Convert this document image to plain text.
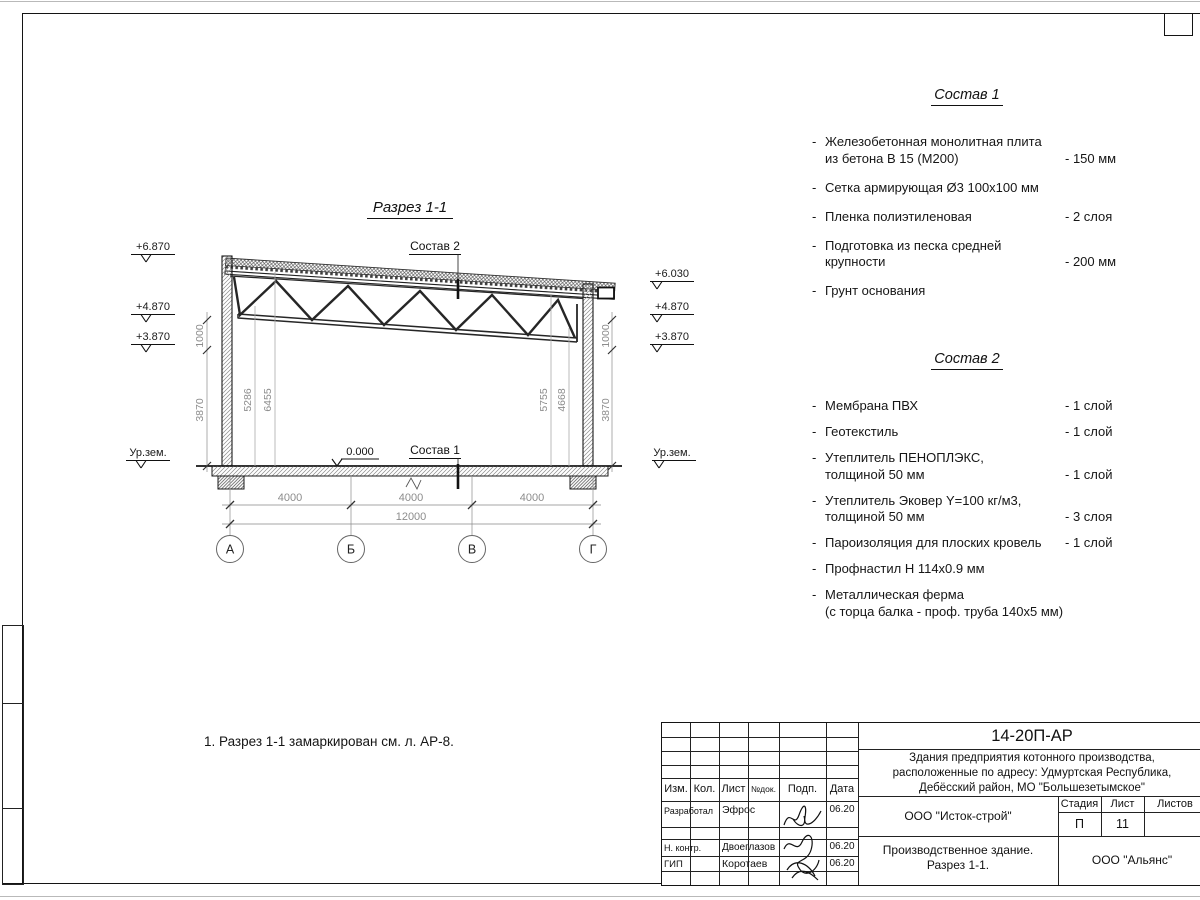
Разрез 1-1
Состав 2
Состав 1
0.000
+6.870
+4.870
+3.870
Ур.зем.
+6.030
+4.870
+3.870
Ур.зем.
1000
3870
1000
3870
5286 6455	5755 4668
4000	4000	4000
12000
А	Б	В	Г
Состав 1
- Железобетонная монолитная плита
из бетона В 15 (М200)	- 150 мм
- Сетка армирующая Ø3 100х100 мм
- Пленка полиэтиленовая	- 2 слоя
- Подготовка из песка средней
крупности	- 200 мм
- Грунт основания
Состав 2
- Мембрана ПВХ	- 1 слой
- Геотекстиль	- 1 слой
- Утеплитель ПЕНОПЛЭКС,
толщиной 50 мм	- 1 слой
- Утеплитель Эковер Y=100 кг/м3,
толщиной 50 мм	- 3 слоя
- Пароизоляция для плоских кровель	- 1 слой
- Профнастил Н 114х0.9 мм
- Металлическая ферма
(с торца балка - проф. труба 140х5 мм)
1. Разрез 1-1 замаркирован см. л. АР-8.
Изм. Кол. Лист №док.	Подп.	Дата
Разработал Эфрос	06.20
Н. контр.	Двоеглазов	06.20
ГИП	Коротаев	06.20
14-20П-АР
Здания предприятия котонного производства,
расположенные по адресу: Удмуртская Республика,
Дебёсский район, МО "Большезетымское"
ООО "Исток-строй"
Стадия	Лист	Листов
П	11
Производственное здание.
Разрез 1-1.	ООО "Альянс"
